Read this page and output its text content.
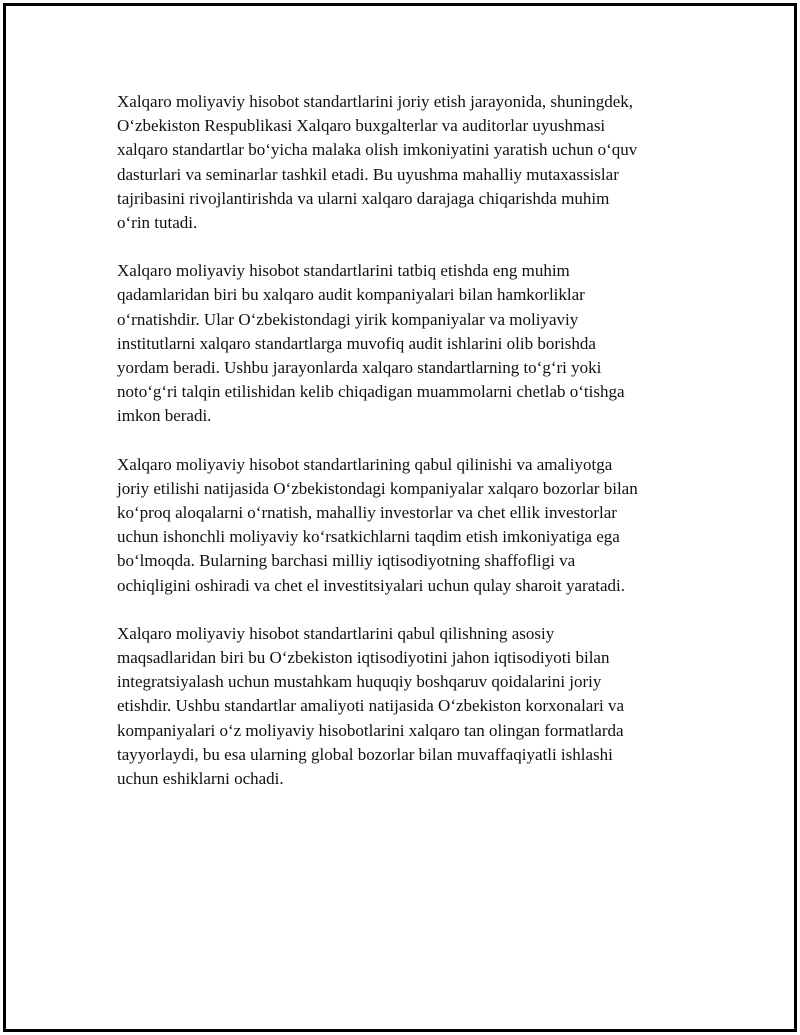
Xalqaro moliyaviy hisobot standartlarini joriy etish jarayonida, shuningdek,
O‘zbekiston Respublikasi Xalqaro buxgalterlar va auditorlar uyushmasi
xalqaro standartlar bo‘yicha malaka olish imkoniyatini yaratish uchun o‘quv
dasturlari va seminarlar tashkil etadi. Bu uyushma mahalliy mutaxassislar
tajribasini rivojlantirishda va ularni xalqaro darajaga chiqarishda muhim
o‘rin tutadi.

Xalqaro moliyaviy hisobot standartlarini tatbiq etishda eng muhim
qadamlaridan biri bu xalqaro audit kompaniyalari bilan hamkorliklar
o‘rnatishdir. Ular O‘zbekistondagi yirik kompaniyalar va moliyaviy
institutlarni xalqaro standartlarga muvofiq audit ishlarini olib borishda
yordam beradi. Ushbu jarayonlarda xalqaro standartlarning to‘g‘ri yoki
noto‘g‘ri talqin etilishidan kelib chiqadigan muammolarni chetlab o‘tishga
imkon beradi.

Xalqaro moliyaviy hisobot standartlarining qabul qilinishi va amaliyotga
joriy etilishi natijasida O‘zbekistondagi kompaniyalar xalqaro bozorlar bilan
ko‘proq aloqalarni o‘rnatish, mahalliy investorlar va chet ellik investorlar
uchun ishonchli moliyaviy ko‘rsatkichlarni taqdim etish imkoniyatiga ega
bo‘lmoqda. Bularning barchasi milliy iqtisodiyotning shaffofligi va
ochiqligini oshiradi va chet el investitsiyalari uchun qulay sharoit yaratadi.

Xalqaro moliyaviy hisobot standartlarini qabul qilishning asosiy
maqsadlaridan biri bu O‘zbekiston iqtisodiyotini jahon iqtisodiyoti bilan
integratsiyalash uchun mustahkam huquqiy boshqaruv qoidalarini joriy
etishdir. Ushbu standartlar amaliyoti natijasida O‘zbekiston korxonalari va
kompaniyalari o‘z moliyaviy hisobotlarini xalqaro tan olingan formatlarda
tayyorlaydi, bu esa ularning global bozorlar bilan muvaffaqiyatli ishlashi
uchun eshiklarni ochadi.
